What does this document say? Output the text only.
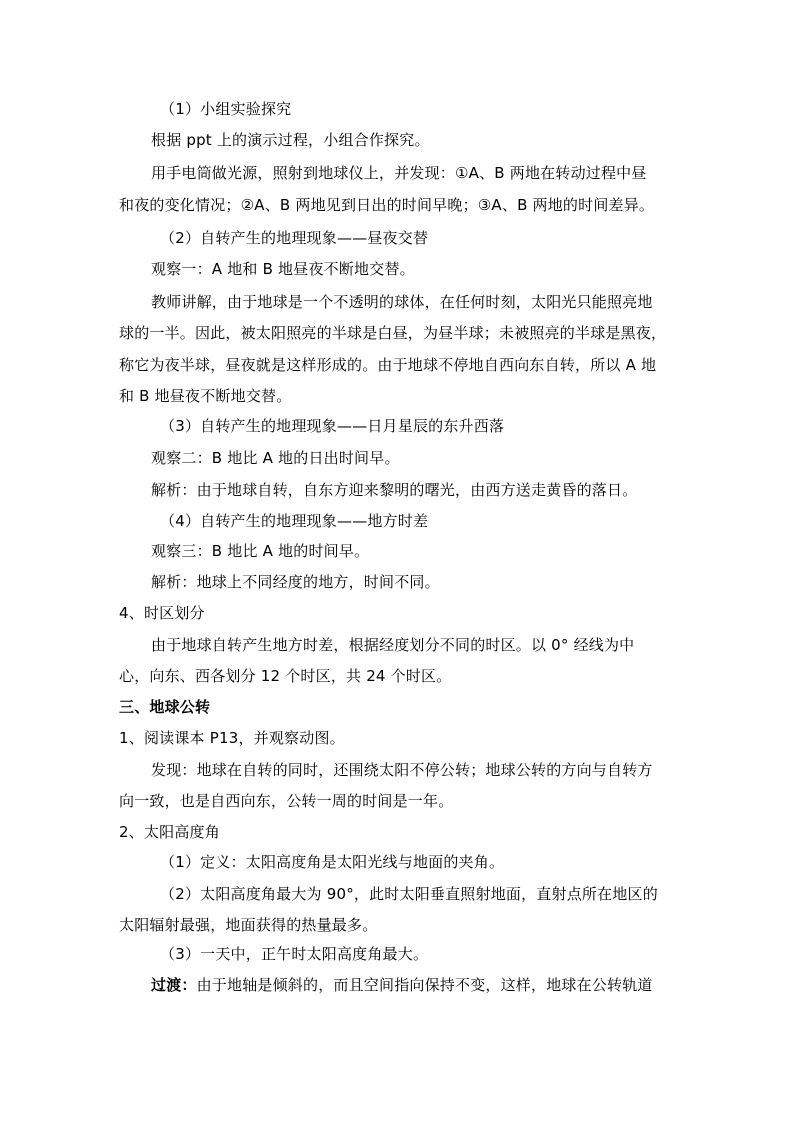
（1）小组实验探究
根据 ppt 上的演示过程，小组合作探究。
用手电筒做光源，照射到地球仪上，并发现：①A、B 两地在转动过程中昼
和夜的变化情况；②A、B 两地见到日出的时间早晚；③A、B 两地的时间差异。
（2）自转产生的地理现象——昼夜交替
观察一：A 地和 B 地昼夜不断地交替。
教师讲解，由于地球是一个不透明的球体，在任何时刻，太阳光只能照亮地
球的一半。因此，被太阳照亮的半球是白昼，为昼半球；未被照亮的半球是黑夜，
称它为夜半球，昼夜就是这样形成的。由于地球不停地自西向东自转，所以 A 地
和 B 地昼夜不断地交替。
（3）自转产生的地理现象——日月星辰的东升西落
观察二：B 地比 A 地的日出时间早。
解析：由于地球自转，自东方迎来黎明的曙光，由西方送走黄昏的落日。
（4）自转产生的地理现象——地方时差
观察三：B 地比 A 地的时间早。
解析：地球上不同经度的地方，时间不同。
4、时区划分
由于地球自转产生地方时差，根据经度划分不同的时区。以 0° 经线为中
心，向东、西各划分 12 个时区，共 24 个时区。
三、地球公转
1、阅读课本 P13，并观察动图。
发现：地球在自转的同时，还围绕太阳不停公转；地球公转的方向与自转方
向一致，也是自西向东，公转一周的时间是一年。
2、太阳高度角
（1）定义：太阳高度角是太阳光线与地面的夹角。
（2）太阳高度角最大为 90°，此时太阳垂直照射地面，直射点所在地区的
太阳辐射最强，地面获得的热量最多。
（3）一天中，正午时太阳高度角最大。
过渡：由于地轴是倾斜的，而且空间指向保持不变，这样，地球在公转轨道
